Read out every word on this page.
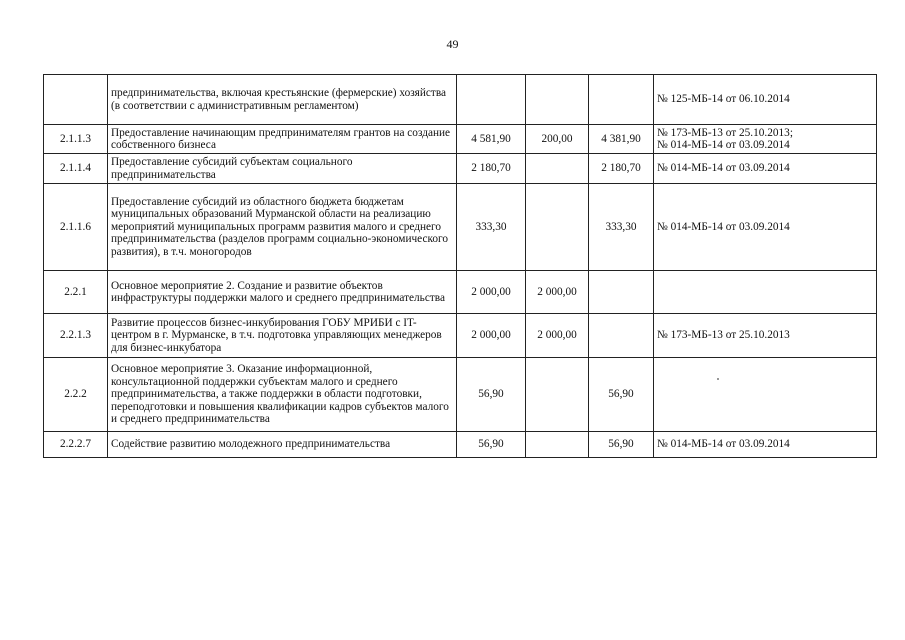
49
	предпринимательства, включая крестьянские (фермерские) хозяйства (в соответствии с административным регламентом)				№ 125-МБ-14 от 06.10.2014

2.1.1.3	Предоставление начинающим предпринимателям грантов на создание собственного бизнеса	4 581,90	200,00	4 381,90	№ 173-МБ-13 от 25.10.2013;
№ 014-МБ-14 от 03.09.2014

2.1.1.4	Предоставление субсидий субъектам социального предпринимательства	2 180,70		2 180,70	№ 014-МБ-14 от 03.09.2014

2.1.1.6	Предоставление субсидий из областного бюджета бюджетам муниципальных образований Мурманской области на реализацию мероприятий муниципальных программ развития малого и среднего предпринимательства (разделов программ социально-экономического развития), в т.ч. моногородов	333,30		333,30	№ 014-МБ-14 от 03.09.2014

2.2.1	Основное мероприятие 2. Создание и развитие объектов инфраструктуры поддержки малого и среднего предпринимательства	2 000,00	2 000,00		
2.2.1.3	Развитие процессов бизнес-инкубирования ГОБУ МРИБИ с IT-центром в г. Мурманске, в т.ч. подготовка управляющих менеджеров для бизнес-инкубатора	2 000,00	2 000,00		№ 173-МБ-13 от 25.10.2013

2.2.2	Основное мероприятие 3. Оказание информационной, консультационной поддержки субъектам малого и среднего предпринимательства, а также поддержки в области подготовки, переподготовки и повышения квалификации кадров субъектов малого и среднего предпринимательства	56,90		56,90	
2.2.2.7	Содействие развитию молодежного предпринимательства	56,90		56,90	№ 014-МБ-14 от 03.09.2014
